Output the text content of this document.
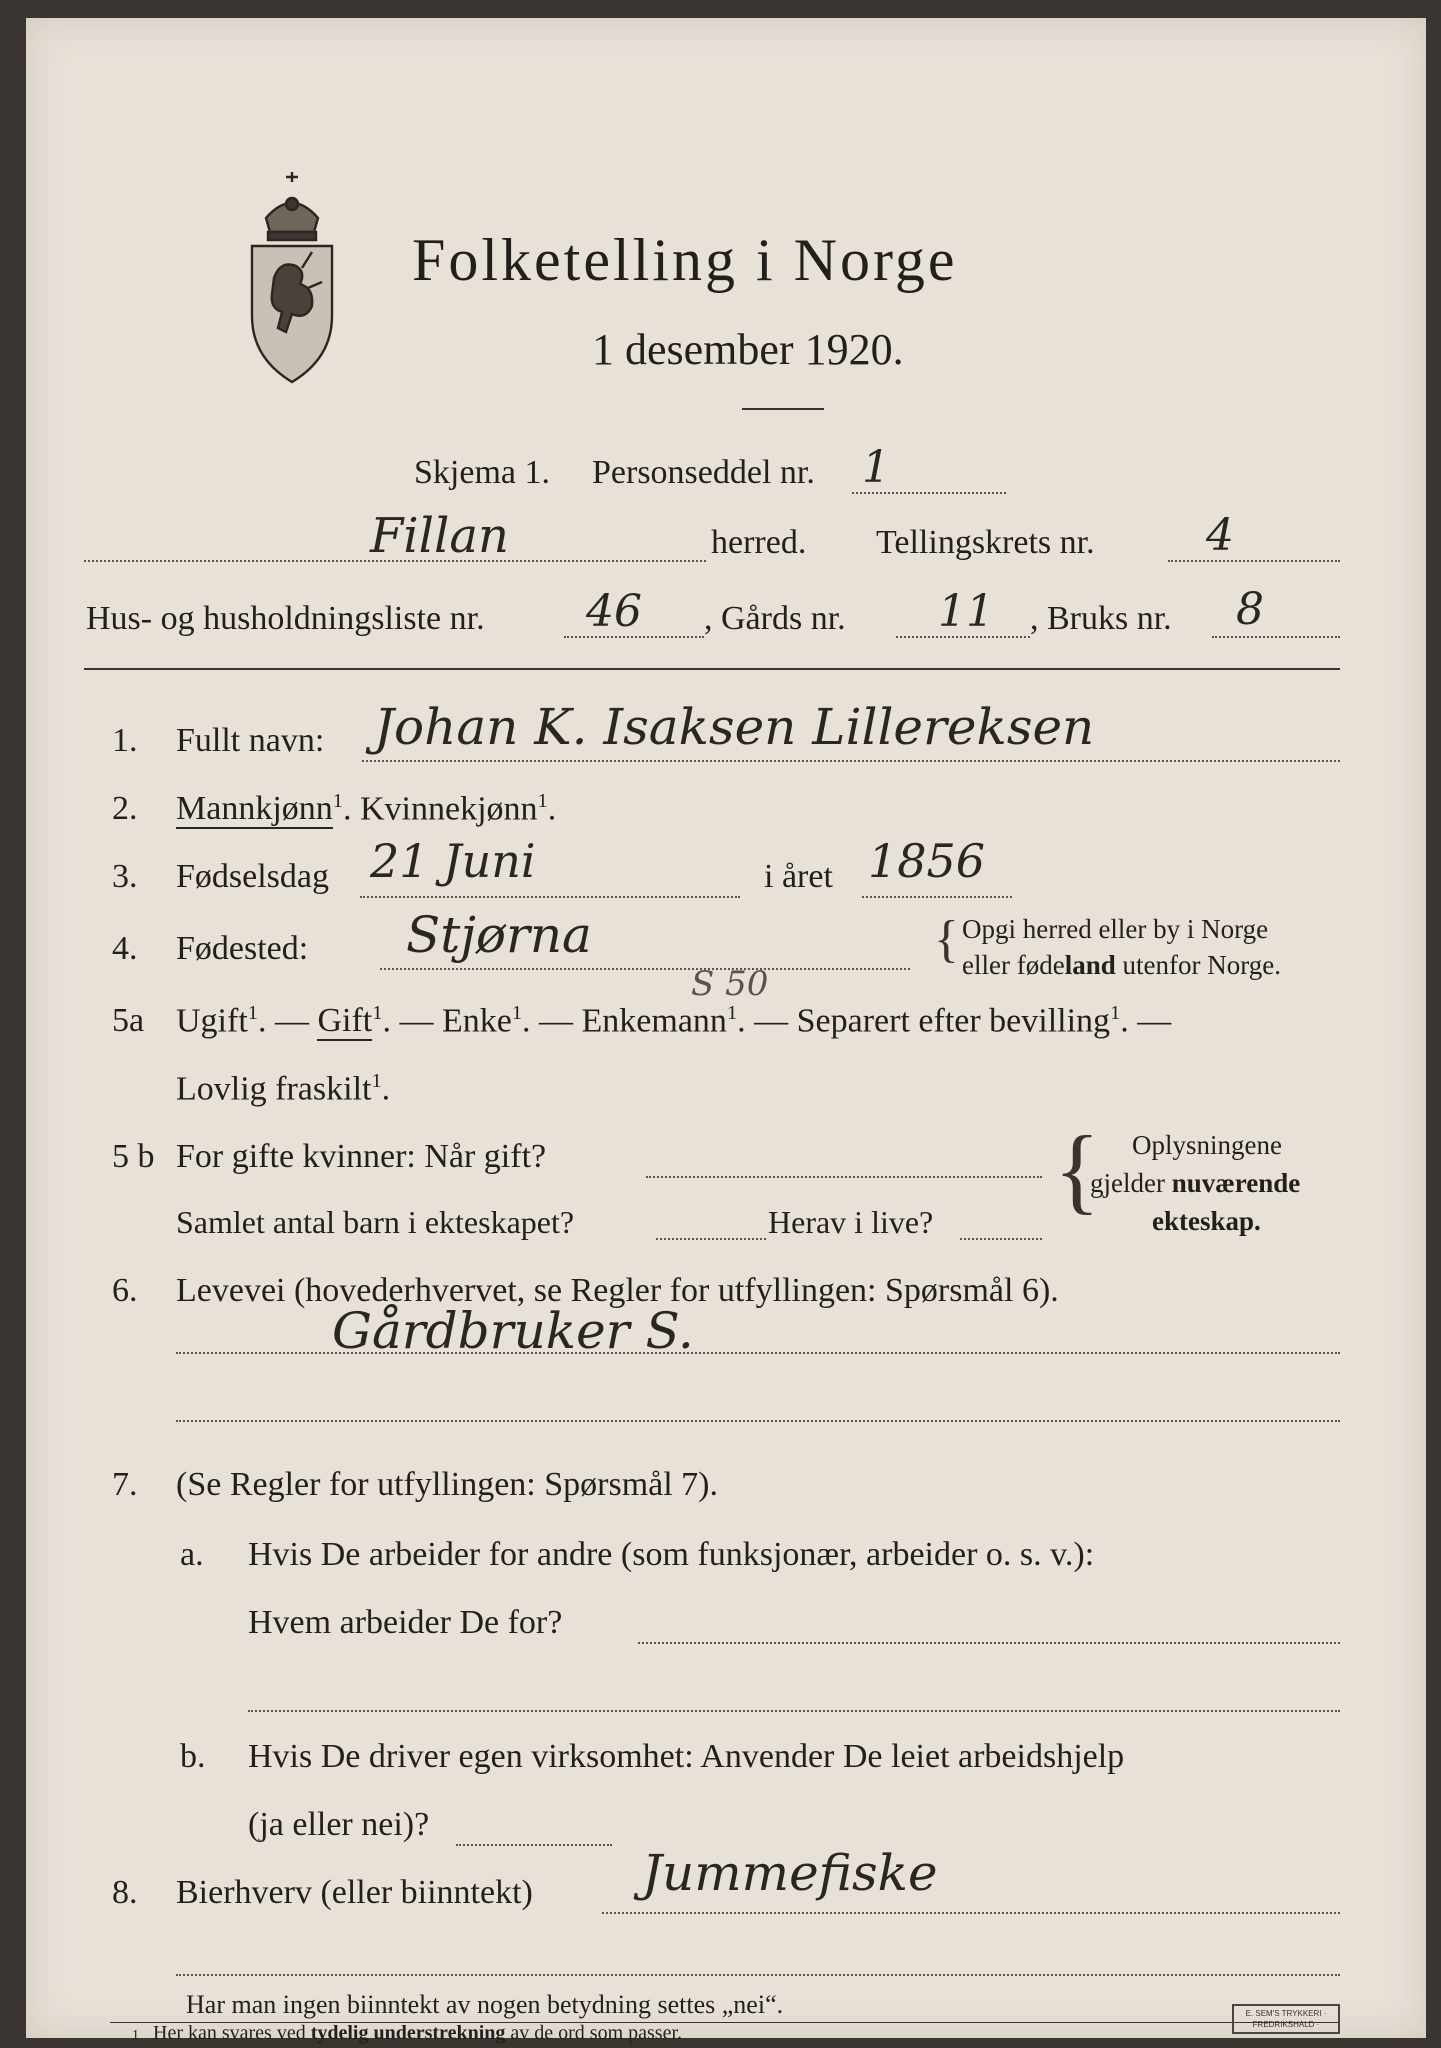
Folketelling i Norge
1 desember 1920.
Skjema 1. Personseddel nr. 1
Fillan	herred. Tellingskrets nr.	4
Hus- og husholdningsliste nr. 46 , Gårds nr. 11 , Bruks nr. 8
1. Fullt navn: Johan K. Isaksen Lillereksen
2. Mannkjønn$^1$. Kvinnekjønn$^1$.
3. Fødselsdag 21 Juni	i året 1856
4. Fødested: Stjørna	{ Opgi herred eller by i Norge
eller fødeland utenfor Norge.
5a Ugift$^1$. — Gift$^1$. — Enke$^1$. — Enkemann$^1$. — Separert efter bevilling$^1$. —
S 50
Lovlig fraskilt$^1$.
5 b For gifte kvinner: Når gift?
Samlet antal barn i ekteskapet?	Herav i live? { Oplysningene
gjelder nuværende
ekteskap.
6. Levevei (hovederhvervet, se Regler for utfyllingen: Spørsmål 6).
Gårdbruker S.
7. (Se Regler for utfyllingen: Spørsmål 7).
a. Hvis De arbeider for andre (som funksjonær, arbeider o. s. v.):
Hvem arbeider De for?
b. Hvis De driver egen virksomhet: Anvender De leiet arbeidshjelp
(ja eller nei)?
8. Bierhverv (eller biinntekt) Jummefiske
Har man ingen biinntekt av nogen betydning settes „nei“.
1 Her kan svares ved tydelig understrekning av de ord som passer.
E. SEM'S TRYKKERI · FREDRIKSHALD ·
